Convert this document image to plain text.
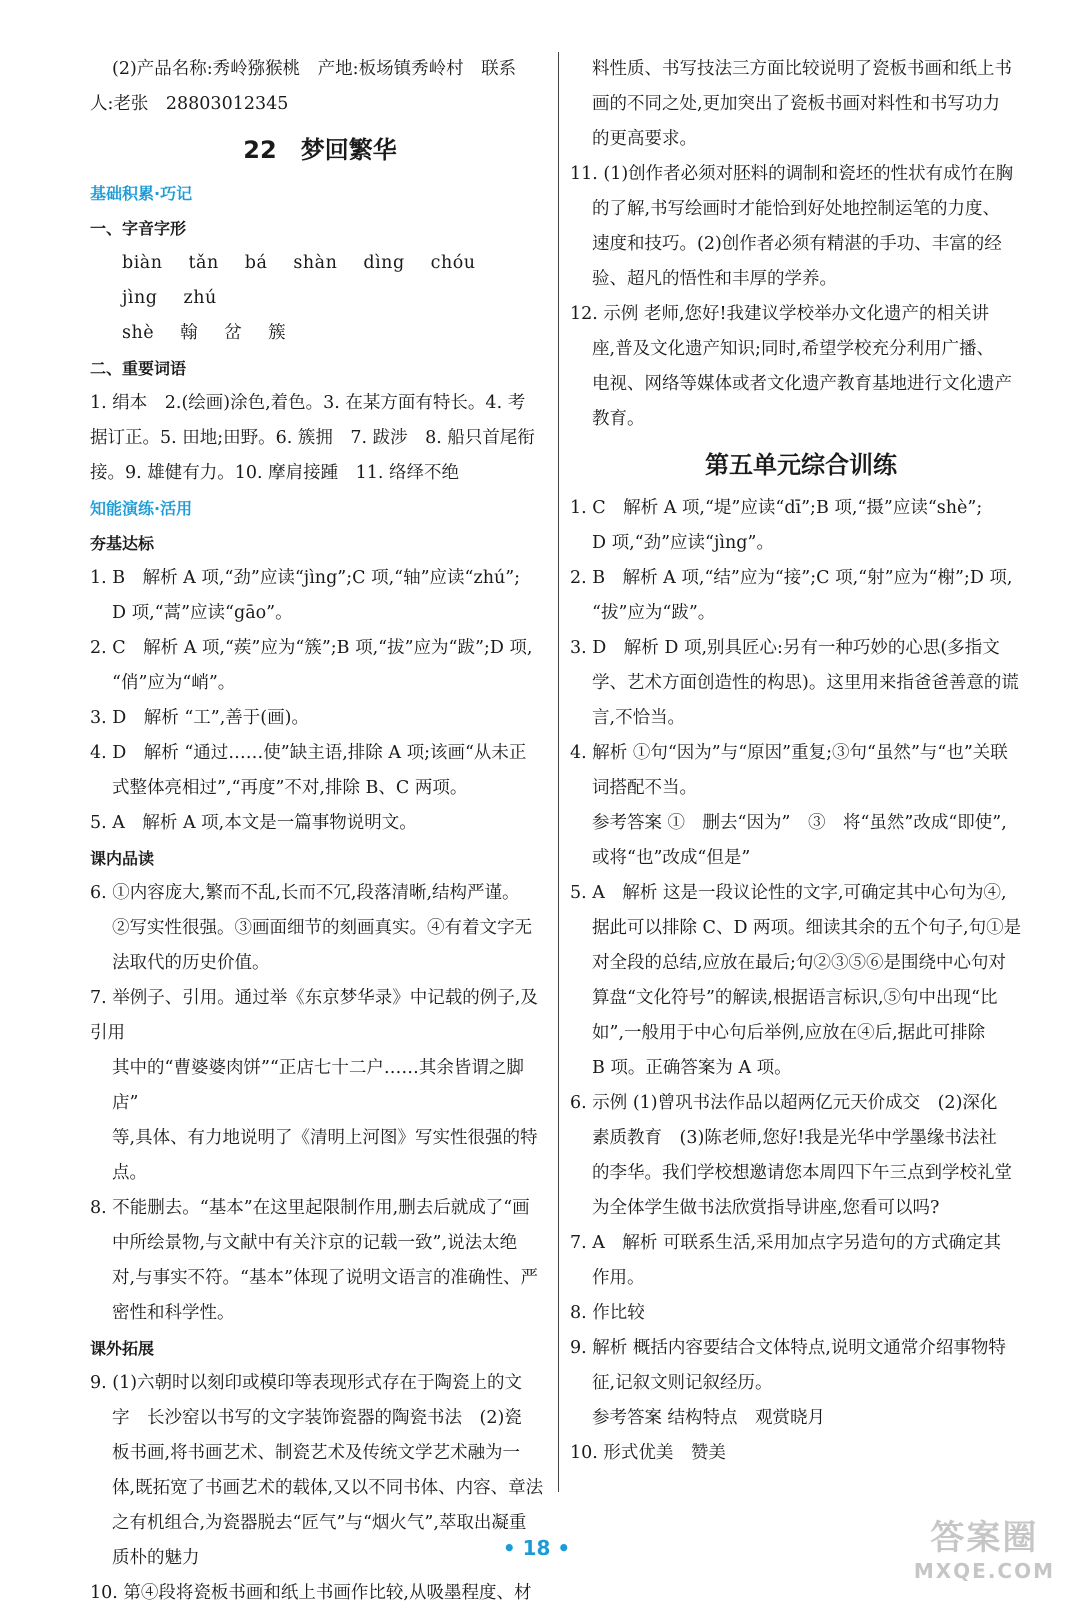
(2)产品名称:秀岭猕猴桃　产地:板场镇秀岭村　联系
人:老张　28803012345
22　梦回繁华
基础积累·巧记
一、字音字形
biàn tǎn bá shàn dìng chóujìng zhú
shè 翰 岔 簇
二、重要词语
1. 绢本　2.(绘画)涂色,着色。3. 在某方面有特长。4. 考
据订正。5. 田地;田野。6. 簇拥　7. 跋涉　8. 船只首尾衔
接。9. 雄健有力。10. 摩肩接踵　11. 络绎不绝
知能演练·活用
夯基达标
1. B　解析 A 项,“劲”应读“jìng”;C 项,“轴”应读“zhú”;
D 项,“蒿”应读“gāo”。
2. C　解析 A 项,“蒺”应为“簇”;B 项,“拔”应为“跋”;D 项,
“俏”应为“峭”。
3. D　解析 “工”,善于(画)。
4. D　解析 “通过……使”缺主语,排除 A 项;该画“从未正
式整体亮相过”,“再度”不对,排除 B、C 两项。
5. A　解析 A 项,本文是一篇事物说明文。
课内品读
6. ①内容庞大,繁而不乱,长而不冗,段落清晰,结构严谨。
②写实性很强。③画面细节的刻画真实。④有着文字无
法取代的历史价值。
7. 举例子、引用。通过举《东京梦华录》中记载的例子,及引用
其中的“曹婆婆肉饼”“正店七十二户……其余皆谓之脚店”
等,具体、有力地说明了《清明上河图》写实性很强的特点。
8. 不能删去。“基本”在这里起限制作用,删去后就成了“画
中所绘景物,与文献中有关汴京的记载一致”,说法太绝
对,与事实不符。“基本”体现了说明文语言的准确性、严
密性和科学性。
课外拓展
9. (1)六朝时以刻印或模印等表现形式存在于陶瓷上的文
字　长沙窑以书写的文字装饰瓷器的陶瓷书法　(2)瓷
板书画,将书画艺术、制瓷艺术及传统文学艺术融为一
体,既拓宽了书画艺术的载体,又以不同书体、内容、章法
之有机组合,为瓷器脱去“匠气”与“烟火气”,萃取出凝重
质朴的魅力
10. 第④段将瓷板书画和纸上书画作比较,从吸墨程度、材
料性质、书写技法三方面比较说明了瓷板书画和纸上书
画的不同之处,更加突出了瓷板书画对料性和书写功力
的更高要求。
11. (1)创作者必须对胚料的调制和瓷坯的性状有成竹在胸
的了解,书写绘画时才能恰到好处地控制运笔的力度、
速度和技巧。(2)创作者必须有精湛的手功、丰富的经
验、超凡的悟性和丰厚的学养。
12. 示例 老师,您好!我建议学校举办文化遗产的相关讲
座,普及文化遗产知识;同时,希望学校充分利用广播、
电视、网络等媒体或者文化遗产教育基地进行文化遗产
教育。
第五单元综合训练
1. C　解析 A 项,“堤”应读“dī”;B 项,“摄”应读“shè”;
D 项,“劲”应读“jìng”。
2. B　解析 A 项,“结”应为“接”;C 项,“射”应为“榭”;D 项,
“拔”应为“跋”。
3. D　解析 D 项,别具匠心:另有一种巧妙的心思(多指文
学、艺术方面创造性的构思)。这里用来指爸爸善意的谎
言,不恰当。
4. 解析 ①句“因为”与“原因”重复;③句“虽然”与“也”关联
词搭配不当。
参考答案 ①　删去“因为”　③　将“虽然”改成“即使”,
或将“也”改成“但是”
5. A　解析 这是一段议论性的文字,可确定其中心句为④,
据此可以排除 C、D 两项。细读其余的五个句子,句①是
对全段的总结,应放在最后;句②③⑤⑥是围绕中心句对
算盘“文化符号”的解读,根据语言标识,⑤句中出现“比
如”,一般用于中心句后举例,应放在④后,据此可排除
B 项。正确答案为 A 项。
6. 示例 (1)曾巩书法作品以超两亿元天价成交　(2)深化
素质教育　(3)陈老师,您好!我是光华中学墨缘书法社
的李华。我们学校想邀请您本周四下午三点到学校礼堂
为全体学生做书法欣赏指导讲座,您看可以吗?
7. A　解析 可联系生活,采用加点字另造句的方式确定其
作用。
8. 作比较
9. 解析 概括内容要结合文体特点,说明文通常介绍事物特
征,记叙文则记叙经历。
参考答案 结构特点　观赏晓月
10. 形式优美　赞美
• 18 •	答案圈
MXQE.COM
